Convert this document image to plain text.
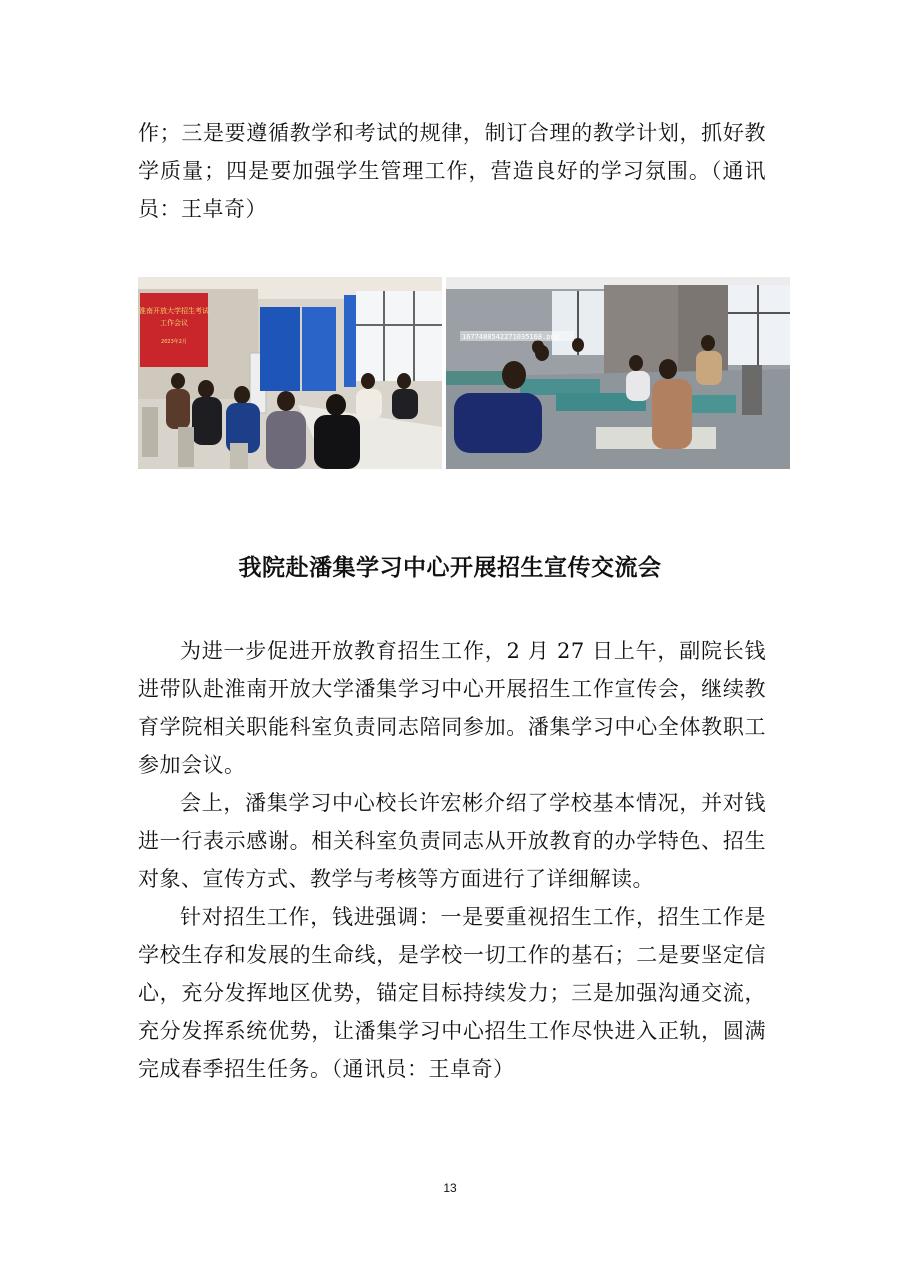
作；三是要遵循教学和考试的规律，制订合理的教学计划，抓好教学质量；四是要加强学生管理工作，营造良好的学习氛围。（通讯员：王卓奇）

淮南开放大学招生考试
工作会议
2023年2月
1677488542271035168.png
我院赴潘集学习中心开展招生宣传交流会

为进一步促进开放教育招生工作，2 月 27 日上午，副院长钱进带队赴淮南开放大学潘集学习中心开展招生工作宣传会，继续教育学院相关职能科室负责同志陪同参加。潘集学习中心全体教职工参加会议。

会上，潘集学习中心校长许宏彬介绍了学校基本情况，并对钱进一行表示感谢。相关科室负责同志从开放教育的办学特色、招生对象、宣传方式、教学与考核等方面进行了详细解读。

针对招生工作，钱进强调：一是要重视招生工作，招生工作是学校生存和发展的生命线，是学校一切工作的基石；二是要坚定信心，充分发挥地区优势，锚定目标持续发力；三是加强沟通交流，充分发挥系统优势，让潘集学习中心招生工作尽快进入正轨，圆满完成春季招生任务。（通讯员：王卓奇）

13
